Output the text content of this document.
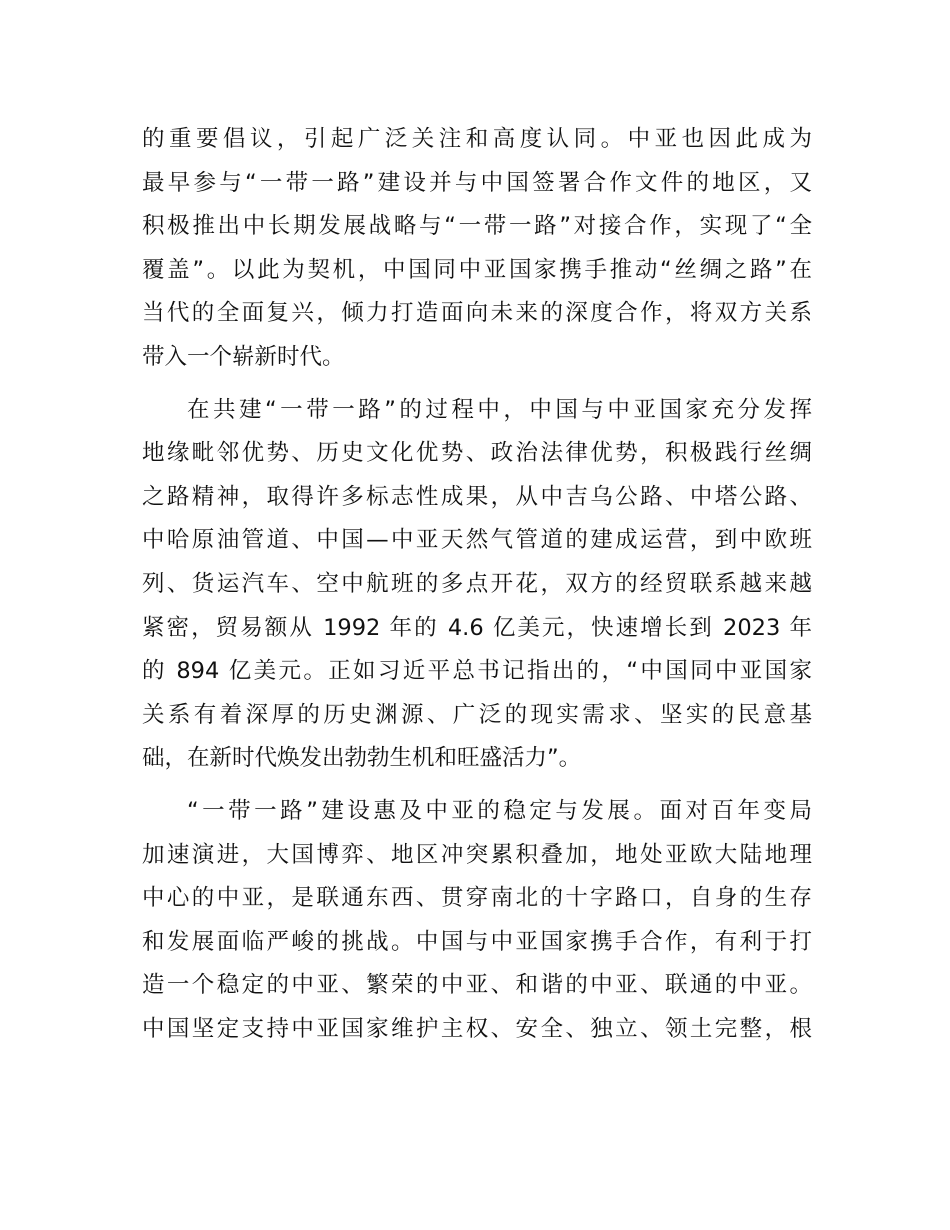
的重要倡议，引起广泛关注和高度认同。中亚也因此成为
最早参与“一带一路”建设并与中国签署合作文件的地区，又
积极推出中长期发展战略与“一带一路”对接合作，实现了“全
覆盖”。以此为契机，中国同中亚国家携手推动“丝绸之路”在
当代的全面复兴，倾力打造面向未来的深度合作，将双方关系
带入一个崭新时代。
在共建“一带一路”的过程中，中国与中亚国家充分发挥
地缘毗邻优势、历史文化优势、政治法律优势，积极践行丝绸
之路精神，取得许多标志性成果，从中吉乌公路、中塔公路、
中哈原油管道、中国—中亚天然气管道的建成运营，到中欧班
列、货运汽车、空中航班的多点开花，双方的经贸联系越来越
紧密，贸易额从 1992 年的 4.6 亿美元，快速增长到 2023 年
的 894 亿美元。正如习近平总书记指出的，“中国同中亚国家
关系有着深厚的历史渊源、广泛的现实需求、坚实的民意基
础，在新时代焕发出勃勃生机和旺盛活力”。
“一带一路”建设惠及中亚的稳定与发展。面对百年变局
加速演进，大国博弈、地区冲突累积叠加，地处亚欧大陆地理
中心的中亚，是联通东西、贯穿南北的十字路口，自身的生存
和发展面临严峻的挑战。中国与中亚国家携手合作，有利于打
造一个稳定的中亚、繁荣的中亚、和谐的中亚、联通的中亚。
中国坚定支持中亚国家维护主权、安全、独立、领土完整，根
